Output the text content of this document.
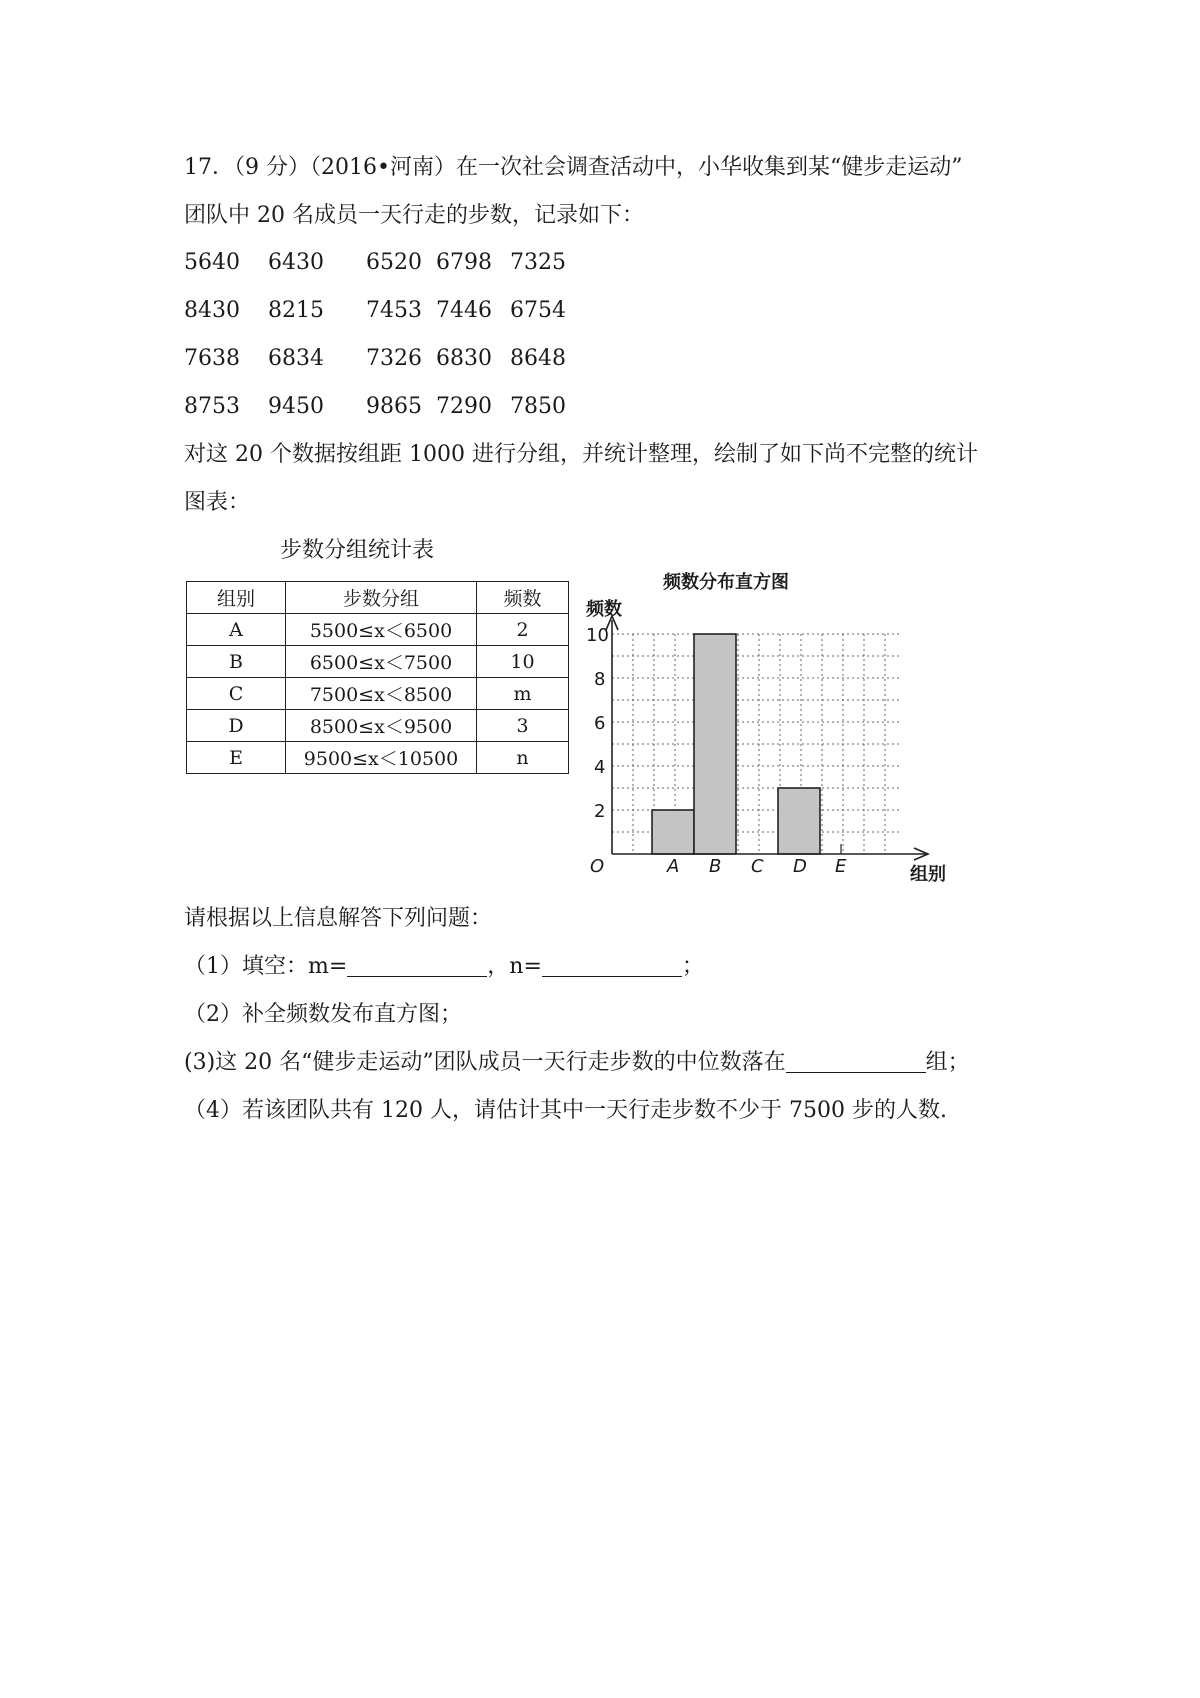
17．（9 分）（2016•河南）在一次社会调查活动中，小华收集到某“健步走运动”

团队中 20 名成员一天行走的步数，记录如下：

5640 6430 6520 6798 7325
8430 8215 7453 7446 6754
7638 6834 7326 6830 8648
8753 9450 9865 7290 7850

对这 20 个数据按组距 1000 进行分组，并统计整理，绘制了如下尚不完整的统计

图表：

步数分组统计表
组别	步数分组	频数
A	5500≤x＜6500	2
B	6500≤x＜7500	10
C	7500≤x＜8500	m
D	8500≤x＜9500	3
E	9500≤x＜10500	n
频数分布直方图
频数
组别
O	A B C D E
2
4
6
8
10

请根据以上信息解答下列问题：

（1）填空：m=	，n=	；

（2）补全频数发布直方图；

(3)这 20 名“健步走运动”团队成员一天行走步数的中位数落在	组；

（4）若该团队共有 120 人，请估计其中一天行走步数不少于 7500 步的人数.
